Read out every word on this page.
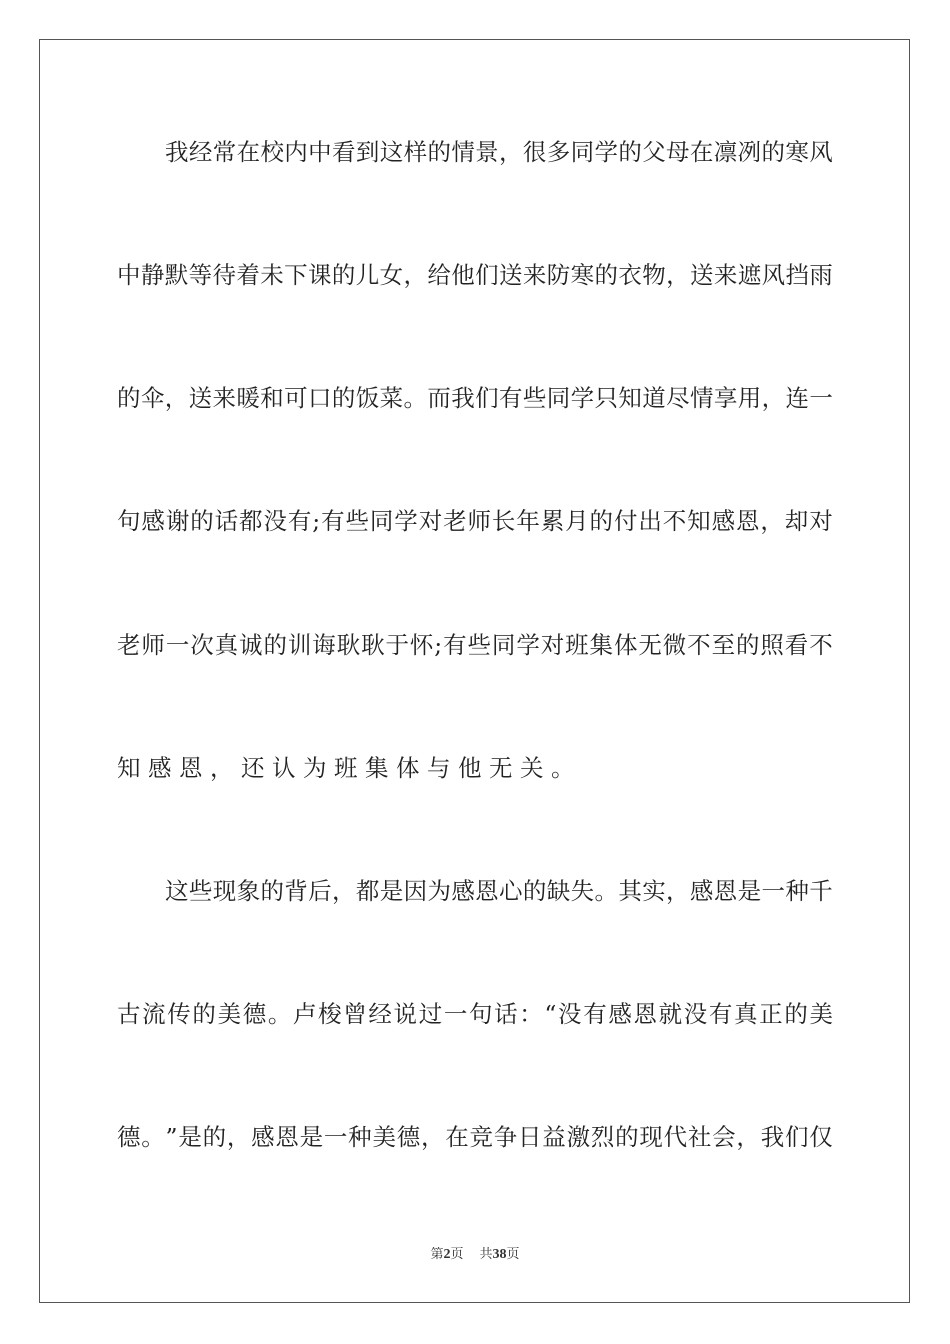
我 经 常 在 校 内 中 看 到 这 样 的 情 景 ， 很 多 同 学 的 父 母 在 凛 冽 的 寒 风
中 静 默 等 待 着 未 下 课 的 儿 女 ， 给 他 们 送 来 防 寒 的 衣 物 ， 送 来 遮 风 挡 雨
的 伞 ， 送 来 暖 和 可 口 的 饭 菜 。 而 我 们 有 些 同 学 只 知 道 尽 情 享 用 ， 连 一
句 感 谢 的 话 都 没 有 ; 有 些 同 学 对 老 师 长 年 累 月 的 付 出 不 知 感 恩 ， 却 对
老 师 一 次 真 诚 的 训 诲 耿 耿 于 怀 ; 有 些 同 学 对 班 集 体 无 微 不 至 的 照 看 不
知感恩，还认为班集体与他无关。
这 些 现 象 的 背 后 ， 都 是 因 为 感 恩 心 的 缺 失 。 其 实 ， 感 恩 是 一 种 千
古 流 传 的 美 德 。 卢 梭 曾 经 说 过 一 句 话 ： “ 没 有 感 恩 就 没 有 真 正 的 美
德 。 ” 是 的 ， 感 恩 是 一 种 美 德 ， 在 竞 争 日 益 激 烈 的 现 代 社 会 ， 我 们 仅
第2页 共38页
